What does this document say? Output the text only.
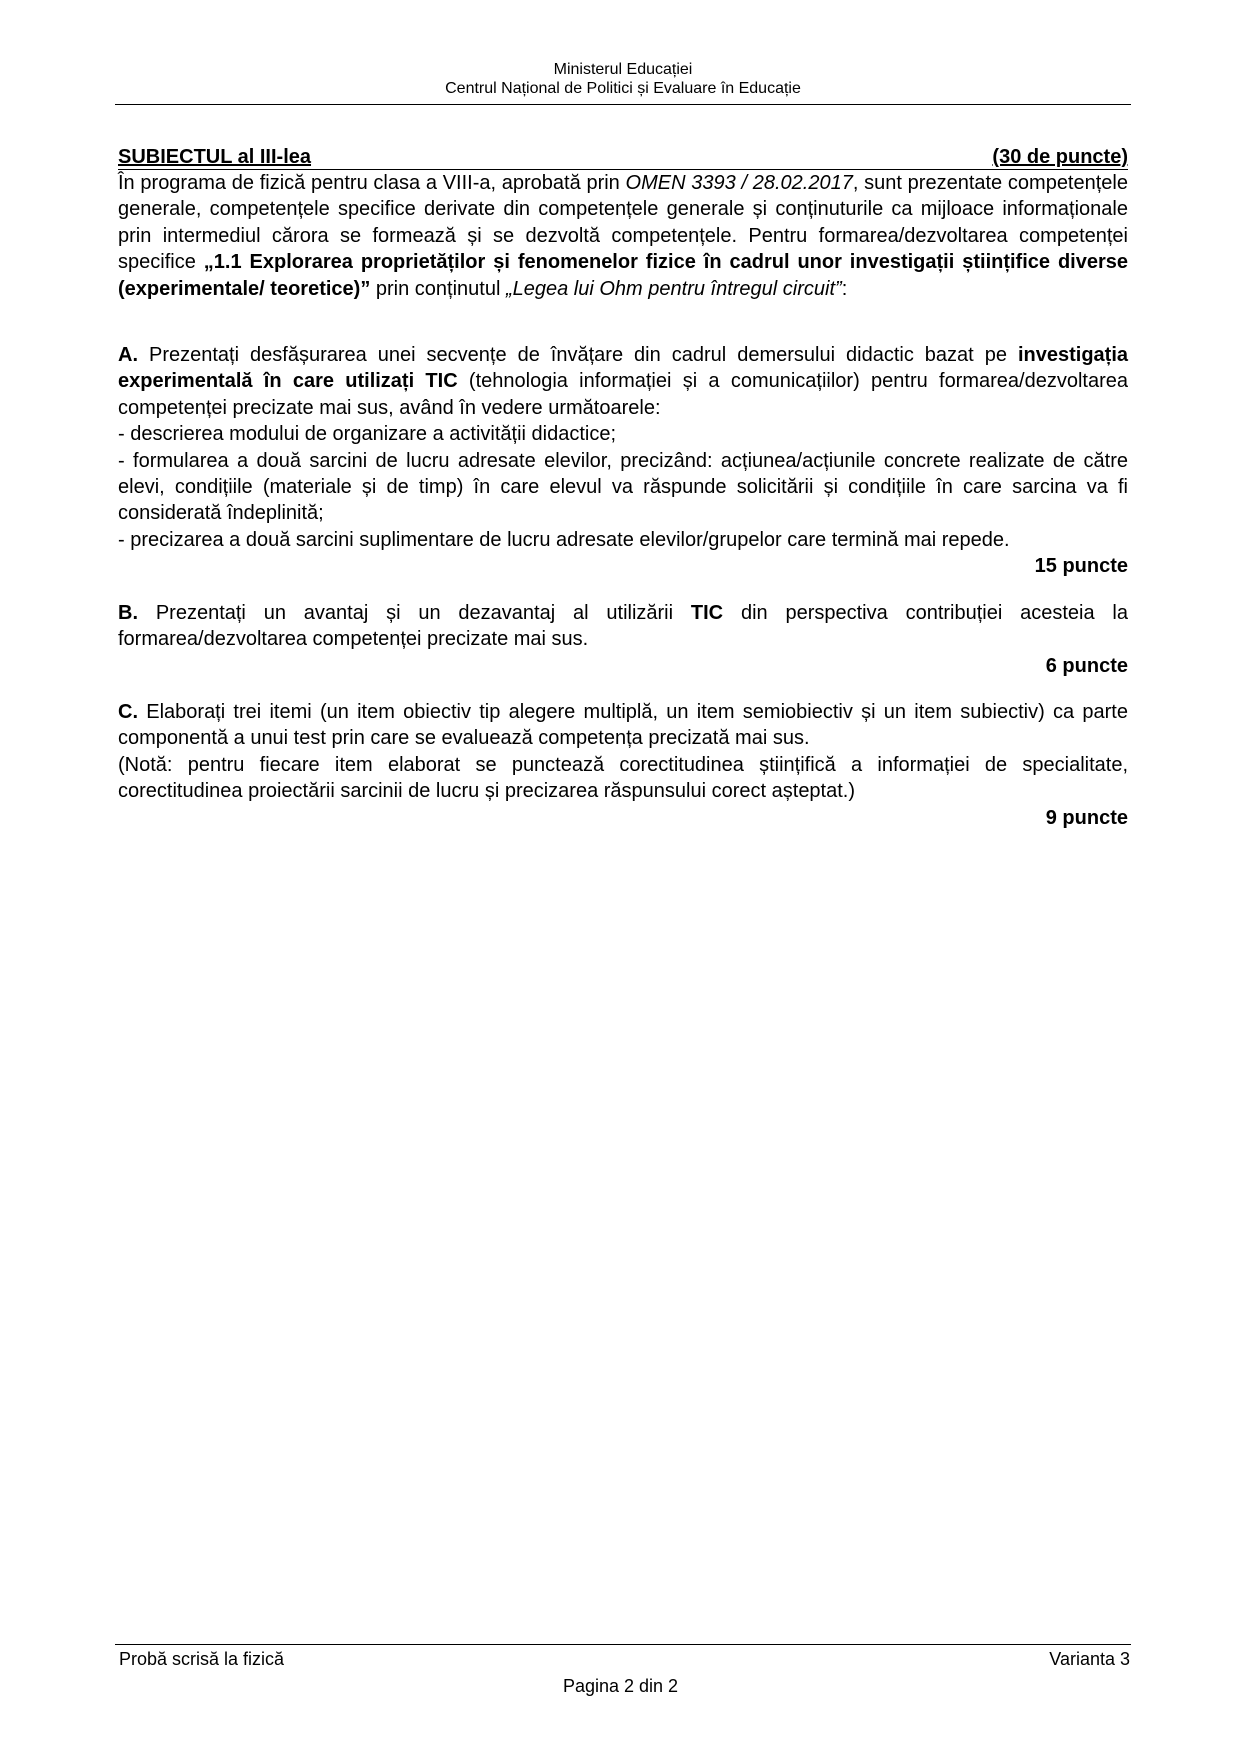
Ministerul Educației
Centrul Național de Politici și Evaluare în Educație
SUBIECTUL al III-lea	(30 de puncte)
În programa de fizică pentru clasa a VIII-a, aprobată prin OMEN 3393 / 28.02.2017, sunt prezentate competențele generale, competențele specifice derivate din competențele generale și conținuturile ca mijloace informaționale prin intermediul cărora se formează și se dezvoltă competențele. Pentru formarea/dezvoltarea competenței specifice „1.1 Explorarea proprietăților și fenomenelor fizice în cadrul unor investigații științifice diverse (experimentale/ teoretice)” prin conținutul „Legea lui Ohm pentru întregul circuit”:
A. Prezentați desfășurarea unei secvențe de învățare din cadrul demersului didactic bazat pe investigația experimentală în care utilizați TIC (tehnologia informației și a comunicațiilor) pentru formarea/dezvoltarea competenței precizate mai sus, având în vedere următoarele:
- descrierea modului de organizare a activității didactice;
- formularea a două sarcini de lucru adresate elevilor, precizând: acțiunea/acțiunile concrete realizate de către elevi, condițiile (materiale și de timp) în care elevul va răspunde solicitării și condițiile în care sarcina va fi considerată îndeplinită;
- precizarea a două sarcini suplimentare de lucru adresate elevilor/grupelor care termină mai repede.
15 puncte
B. Prezentați un avantaj și un dezavantaj al utilizării TIC din perspectiva contribuției acesteia la formarea/dezvoltarea competenței precizate mai sus.
6 puncte
C. Elaborați trei itemi (un item obiectiv tip alegere multiplă, un item semiobiectiv și un item subiectiv) ca parte componentă a unui test prin care se evaluează competența precizată mai sus.
(Notă: pentru fiecare item elaborat se punctează corectitudinea științifică a informației de specialitate, corectitudinea proiectării sarcinii de lucru și precizarea răspunsului corect așteptat.)
9 puncte
Probă scrisă la fizică	Varianta 3
Pagina 2 din 2
